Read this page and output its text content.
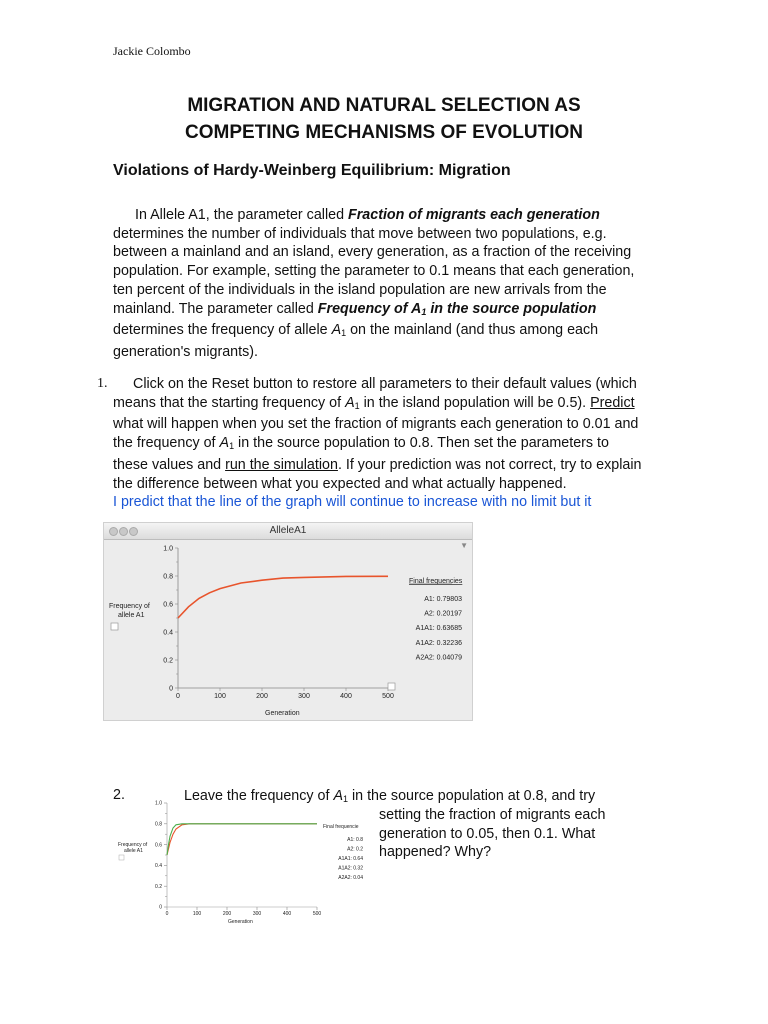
Jackie Colombo
MIGRATION AND NATURAL SELECTION AS
COMPETING MECHANISMS OF EVOLUTION
Violations of Hardy-Weinberg Equilibrium: Migration
In Allele A1, the parameter called Fraction of migrants each generation determines the number of individuals that move between two populations, e.g. between a mainland and an island, every generation, as a fraction of the receiving population. For example, setting the parameter to 0.1 means that each generation, ten percent of the individuals in the island population are new arrivals from the mainland. The parameter called Frequency of $A_1$ in the source population determines the frequency of allele $A_1$ on the mainland (and thus among each generation's migrants).
1.	Click on the Reset button to restore all parameters to their default values (which means that the starting frequency of $A_1$ in the island population will be 0.5). Predict what will happen when you set the fraction of migrants each generation to 0.01 and the frequency of $A_1$ in the source population to 0.8. Then set the parameters to these values and run the simulation. If your prediction was not correct, try to explain the difference between what you expected and what actually happened.
I predict that the line of the graph will continue to increase with no limit but it
AlleleA1
▼
1.0
0.8
0.6
0.4
0.2
0
0	100	200	300	400	500
Frequency of
allele A1
Generation
Final frequencies
A1: 0.79803
A2: 0.20197
A1A1: 0.63685
A1A2: 0.32236
A2A2: 0.04079
2.	Leave the frequency of $A_1$ in the source population at 0.8, and try
setting the fraction of migrants each
generation to 0.05, then 0.1. What
happened? Why?
1.0
0.8
0.6
0.4
0.2
0
0	100	200	300	400	500
Frequency of
allele A1
Generation
Final frequencie
A1: 0.8
A2: 0.2
A1A1: 0.64
A1A2: 0.32
A2A2: 0.04
